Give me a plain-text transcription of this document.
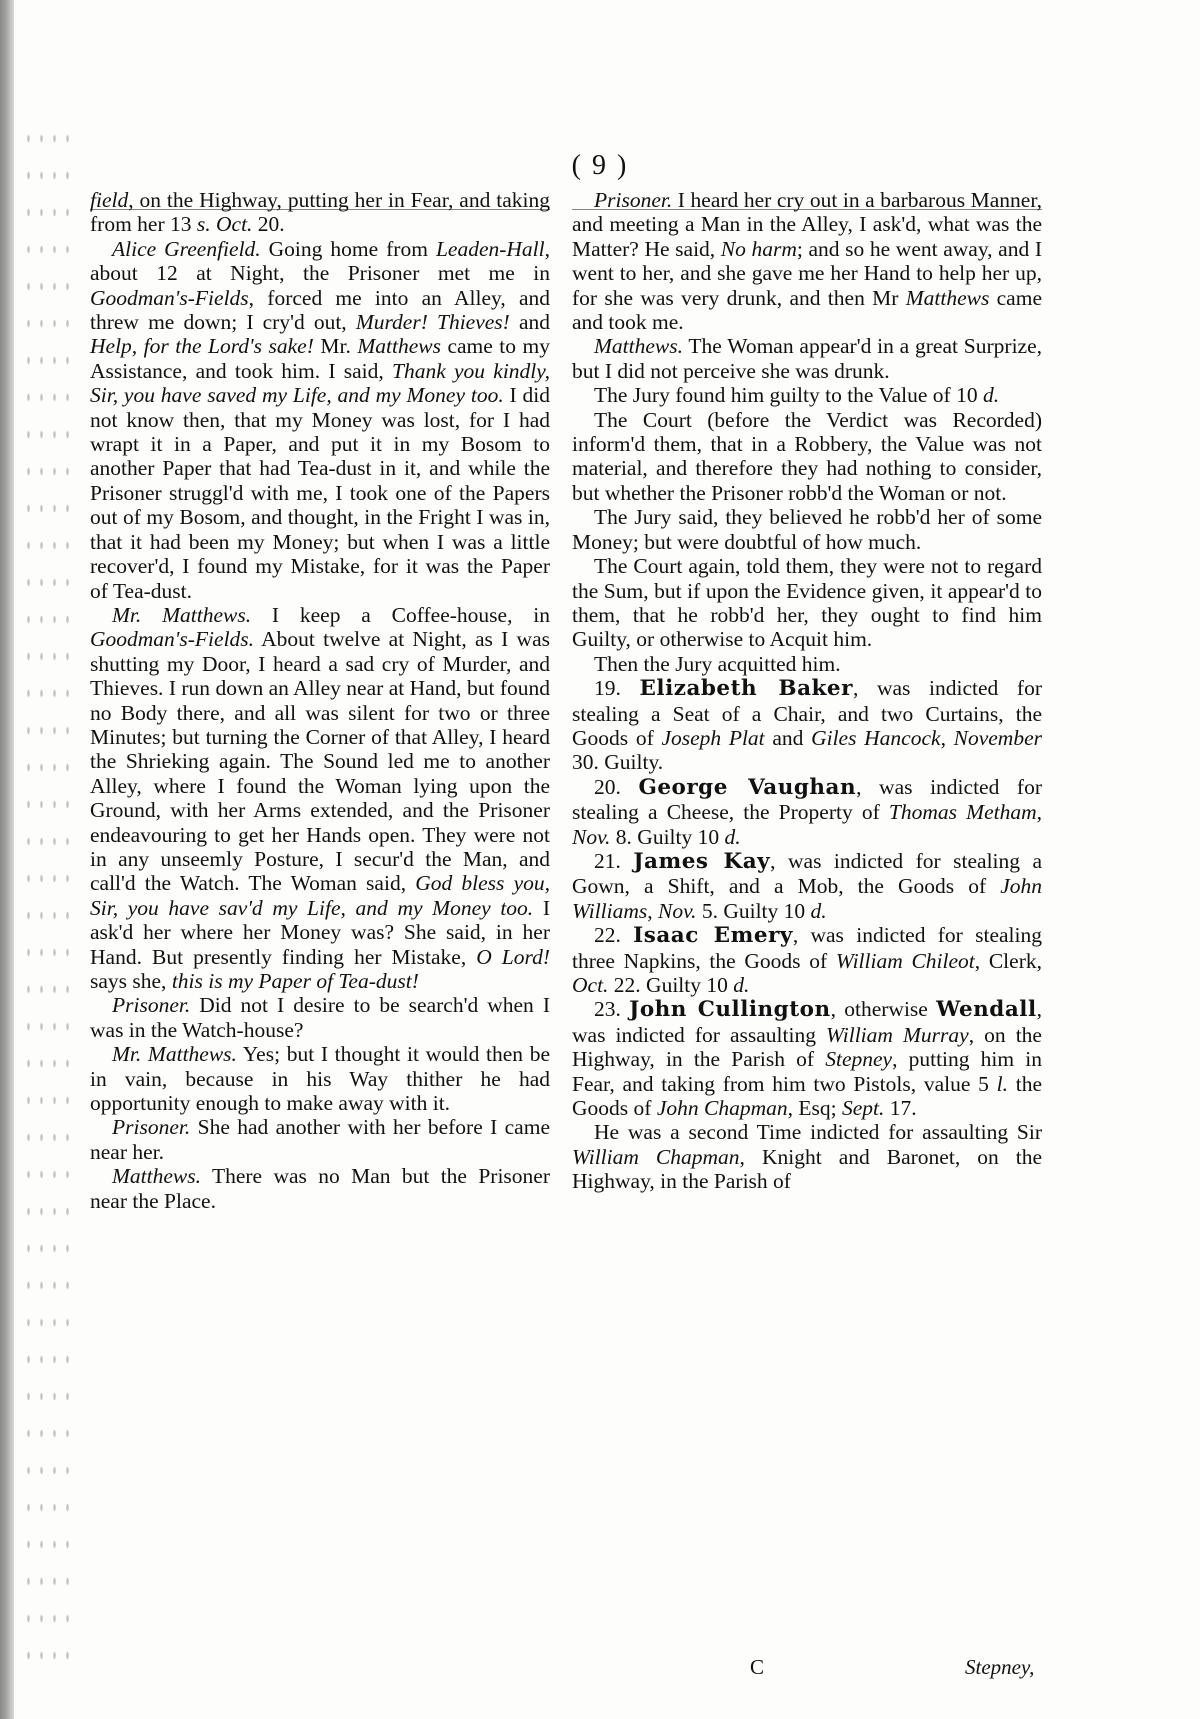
( 9 )

field, on the Highway, putting her in Fear, and taking from her 13 s. Oct. 20.

Alice Greenfield. Going home from Leaden-Hall, about 12 at Night, the Prisoner met me in Goodman's-Fields, forced me into an Alley, and threw me down; I cry'd out, Murder! Thieves! and Help, for the Lord's sake! Mr. Matthews came to my Assistance, and took him. I said, Thank you kindly, Sir, you have saved my Life, and my Money too. I did not know then, that my Money was lost, for I had wrapt it in a Paper, and put it in my Bosom to another Paper that had Tea-dust in it, and while the Prisoner struggl'd with me, I took one of the Papers out of my Bosom, and thought, in the Fright I was in, that it had been my Money; but when I was a little recover'd, I found my Mistake, for it was the Paper of Tea-dust.

Mr. Matthews. I keep a Coffee-house, in Goodman's-Fields. About twelve at Night, as I was shutting my Door, I heard a sad cry of Murder, and Thieves. I run down an Alley near at Hand, but found no Body there, and all was silent for two or three Minutes; but turning the Corner of that Alley, I heard the Shrieking again. The Sound led me to another Alley, where I found the Woman lying upon the Ground, with her Arms extended, and the Prisoner endeavouring to get her Hands open. They were not in any unseemly Posture, I secur'd the Man, and call'd the Watch. The Woman said, God bless you, Sir, you have sav'd my Life, and my Money too. I ask'd her where her Money was? She said, in her Hand. But presently finding her Mistake, O Lord! says she, this is my Paper of Tea-dust!

Prisoner. Did not I desire to be search'd when I was in the Watch-house?

Mr. Matthews. Yes; but I thought it would then be in vain, because in his Way thither he had opportunity enough to make away with it.

Prisoner. She had another with her before I came near her.

Matthews. There was no Man but the Prisoner near the Place.

Prisoner. I heard her cry out in a barbarous Manner, and meeting a Man in the Alley, I ask'd, what was the Matter? He said, No harm; and so he went away, and I went to her, and she gave me her Hand to help her up, for she was very drunk, and then Mr Matthews came and took me.

Matthews. The Woman appear'd in a great Surprize, but I did not perceive she was drunk.

The Jury found him guilty to the Value of 10 d.

The Court (before the Verdict was Recorded) inform'd them, that in a Robbery, the Value was not material, and therefore they had nothing to consider, but whether the Prisoner robb'd the Woman or not.

The Jury said, they believed he robb'd her of some Money; but were doubtful of how much.

The Court again, told them, they were not to regard the Sum, but if upon the Evidence given, it appear'd to them, that he robb'd her, they ought to find him Guilty, or otherwise to Acquit him.

Then the Jury acquitted him.

19. Elizabeth Baker, was indicted for stealing a Seat of a Chair, and two Curtains, the Goods of Joseph Plat and Giles Hancock, November 30. Guilty.

20. George Vaughan, was indicted for stealing a Cheese, the Property of Thomas Metham, Nov. 8. Guilty 10 d.

21. James Kay, was indicted for stealing a Gown, a Shift, and a Mob, the Goods of John Williams, Nov. 5. Guilty 10 d.

22. Isaac Emery, was indicted for stealing three Napkins, the Goods of William Chileot, Clerk, Oct. 22. Guilty 10 d.

23. John Cullington, otherwise Wendall, was indicted for assaulting William Murray, on the Highway, in the Parish of Stepney, putting him in Fear, and taking from him two Pistols, value 5 l. the Goods of John Chapman, Esq; Sept. 17.

He was a second Time indicted for assaulting Sir William Chapman, Knight and Baronet, on the Highway, in the Parish of

C	Stepney,
